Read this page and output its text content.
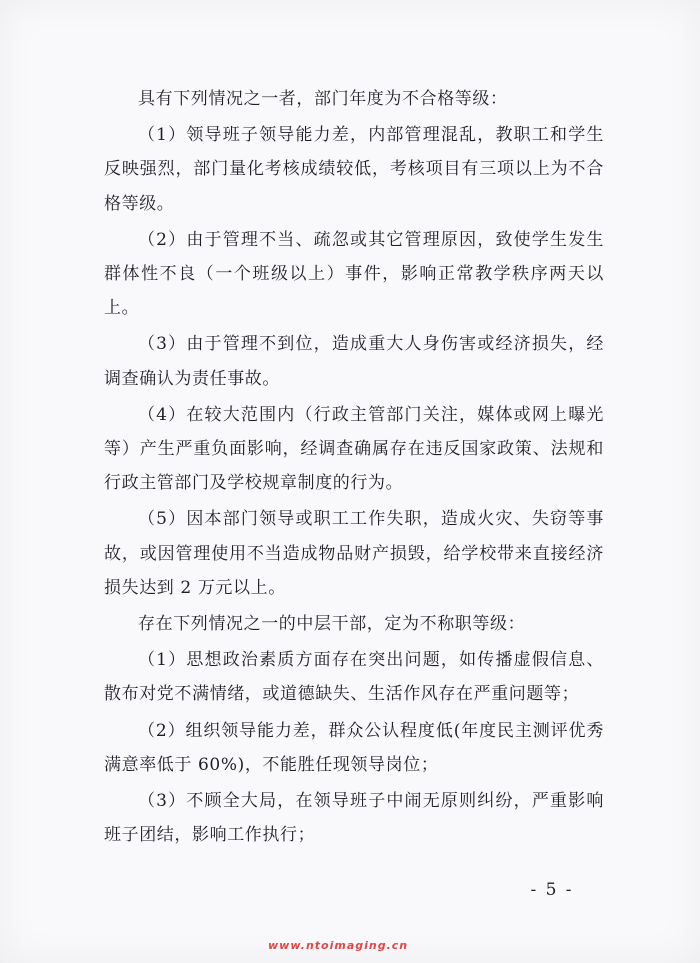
具有下列情况之一者，部门年度为不合格等级：

（1）领导班子领导能力差，内部管理混乱，教职工和学生反映强烈，部门量化考核成绩较低，考核项目有三项以上为不合格等级。

（2）由于管理不当、疏忽或其它管理原因，致使学生发生群体性不良（一个班级以上）事件，影响正常教学秩序两天以上。

（3）由于管理不到位，造成重大人身伤害或经济损失，经调查确认为责任事故。

（4）在较大范围内（行政主管部门关注，媒体或网上曝光等）产生严重负面影响，经调查确属存在违反国家政策、法规和行政主管部门及学校规章制度的行为。

（5）因本部门领导或职工工作失职，造成火灾、失窃等事故，或因管理使用不当造成物品财产损毁，给学校带来直接经济损失达到 2 万元以上。

存在下列情况之一的中层干部，定为不称职等级：

（1）思想政治素质方面存在突出问题，如传播虚假信息、散布对党不满情绪，或道德缺失、生活作风存在严重问题等；

（2）组织领导能力差，群众公认程度低(年度民主测评优秀满意率低于 60%)，不能胜任现领导岗位；

（3）不顾全大局，在领导班子中闹无原则纠纷，严重影响班子团结，影响工作执行；

- 5 -
www.ntoimaging.cn
